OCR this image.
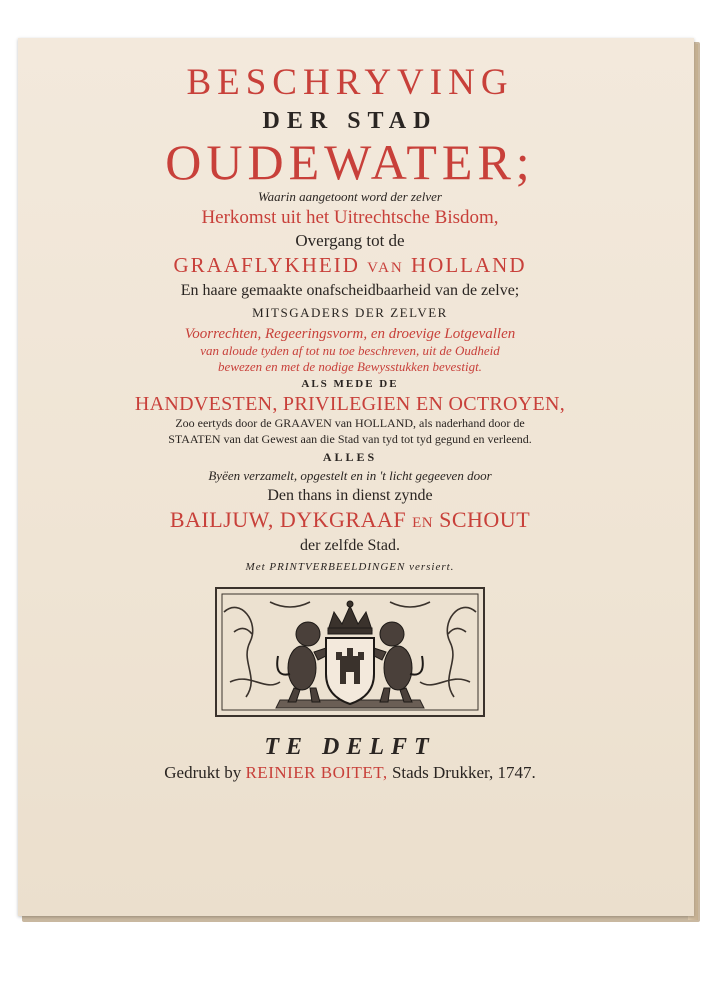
BESCHRYVING
DER STAD
OUDEWATER;
Waarin aangetoont word der zelver
Herkomst uit het Uitrechtsche Bisdom,
Overgang tot de
GRAAFLYKHEID VAN HOLLAND
En haare gemaakte onafscheidbaarheid van de zelve;
MITSGADERS DER ZELVER
Voorrechten, Regeeringsvorm, en droevige Lotgevallen
van aloude tyden af tot nu toe beschreven, uit de Oudheid
bewezen en met de nodige Bewysstukken bevestigt.
ALS MEDE DE
HANDVESTEN, PRIVILEGIEN EN OCTROYEN,
Zoo eertyds door de GRAAVEN van HOLLAND, als naderhand door de
STAATEN van dat Gewest aan die Stad van tyd tot tyd gegund en verleend.
ALLES
Byëen verzamelt, opgestelt en in 't licht gegeeven door
Den thans in dienst zynde
BAILJUW, DYKGRAAF EN SCHOUT
der zelfde Stad.
Met PRINTVERBEELDINGEN versiert.
TE DELFT
Gedrukt by REINIER BOITET, Stads Drukker, 1747.
